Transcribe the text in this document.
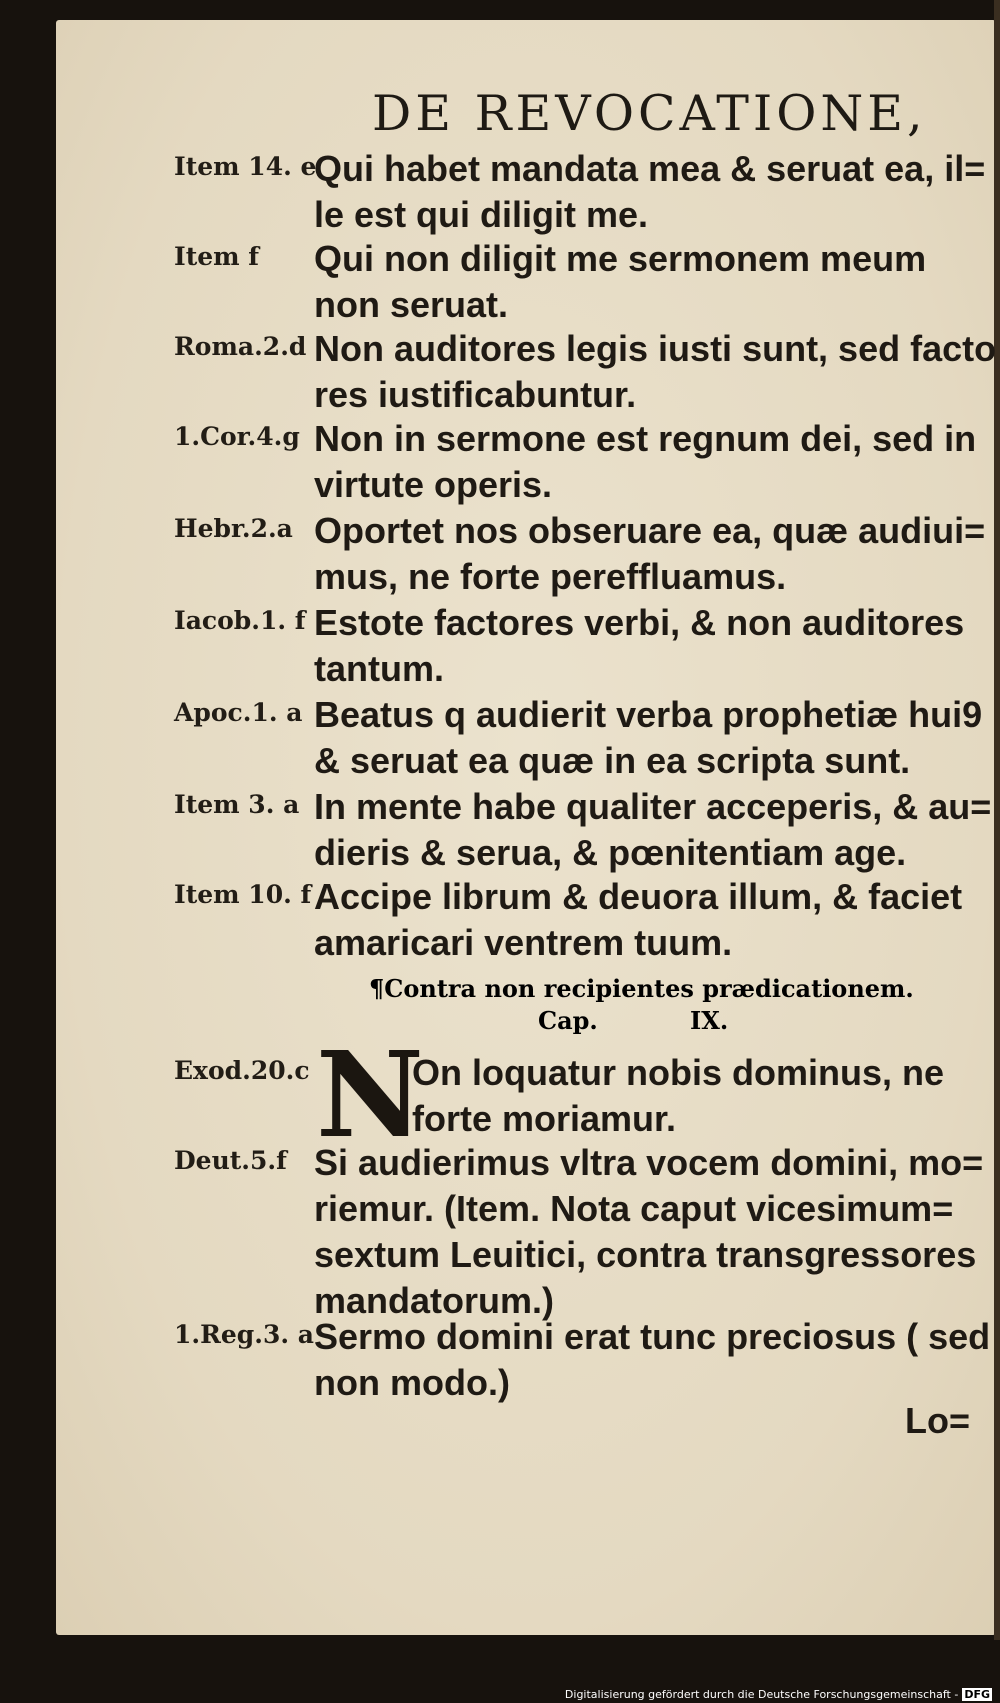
DE REVOCATIONE,
Item 14. e
Qui habet mandata mea & seruat ea, il=
le est qui diligit me.
Item f Qui non diligit me sermonem meum
non seruat.
Roma.2.d Non auditores legis iusti sunt, sed facto
res iustificabuntur.
1.Cor.4.g Non in sermone est regnum dei, sed in
virtute operis.
Hebr.2.a Oportet nos obseruare ea, quæ audiui=
mus, ne forte pereffluamus.
Iacob.1. f Estote factores verbi, & non auditores
tantum.
Apoc.1. a Beatus q audierit verba prophetiæ hui9
& seruat ea quæ in ea scripta sunt.
Item 3. a In mente habe qualiter acceperis, & au=
dieris & serua, & pœnitentiam age.
Item 10. f Accipe librum & deuora illum, & faciet
amaricari ventrem tuum.
¶Contra non recipientes prædicationem.
Cap.	IX.
Exod.20.c N
On loquatur nobis dominus, ne
forte moriamur.
Deut.5.f Si audierimus vltra vocem domini, mo=
riemur. (Item. Nota caput vicesimum=
sextum Leuitici, contra transgressores
mandatorum.)
1.Reg.3. a Sermo domini erat tunc preciosus ( sed
non modo.)
Lo=
Digitalisierung gefördert durch die Deutsche Forschungsgemeinschaft - DFG
